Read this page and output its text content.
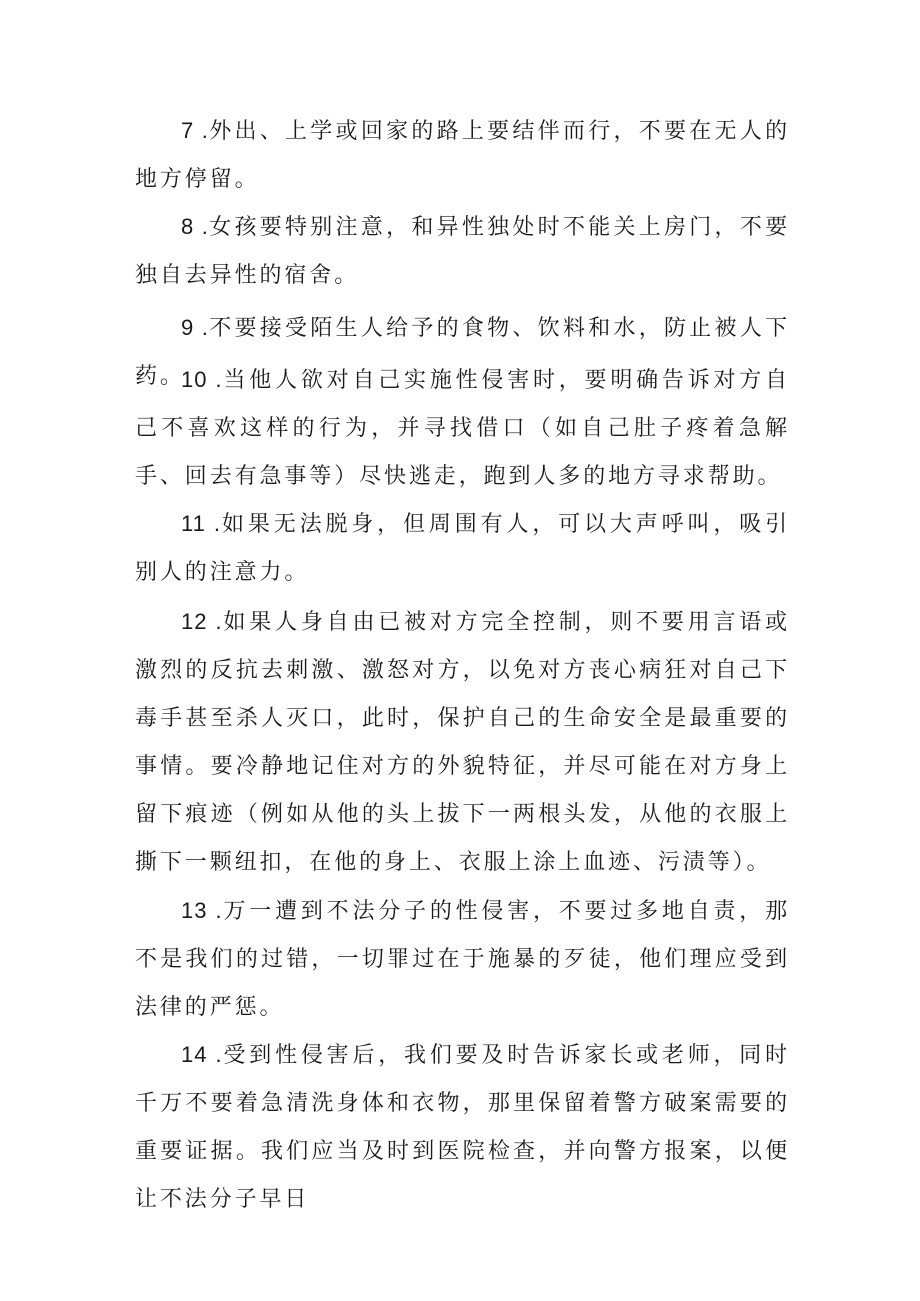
7 . 外出、上学或回家的路上要结伴而行，不要在无人的地方停留。

8 . 女孩要特别注意，和异性独处时不能关上房门，不要独自去异性的宿舍。

9 . 不要接受陌生人给予的食物、饮料和水，防止被人下药。

10 . 当他人欲对自己实施性侵害时，要明确告诉对方自己不喜欢这样的行为，并寻找借口（如自己肚子疼着急解手、回去有急事等）尽快逃走，跑到人多的地方寻求帮助。

11 . 如果无法脱身，但周围有人，可以大声呼叫，吸引别人的注意力。

12 . 如果人身自由已被对方完全控制，则不要用言语或激烈的反抗去刺激、激怒对方，以免对方丧心病狂对自己下毒手甚至杀人灭口，此时，保护自己的生命安全是最重要的事情。要冷静地记住对方的外貌特征，并尽可能在对方身上留下痕迹（例如从他的头上拔下一两根头发，从他的衣服上撕下一颗纽扣，在他的身上、衣服上涂上血迹、污渍等）。

13 . 万一遭到不法分子的性侵害，不要过多地自责，那不是我们的过错，一切罪过在于施暴的歹徒，他们理应受到法律的严惩。

14 . 受到性侵害后，我们要及时告诉家长或老师，同时千万不要着急清洗身体和衣物，那里保留着警方破案需要的重要证据。我们应当及时到医院检查，并向警方报案，以便让不法分子早日
